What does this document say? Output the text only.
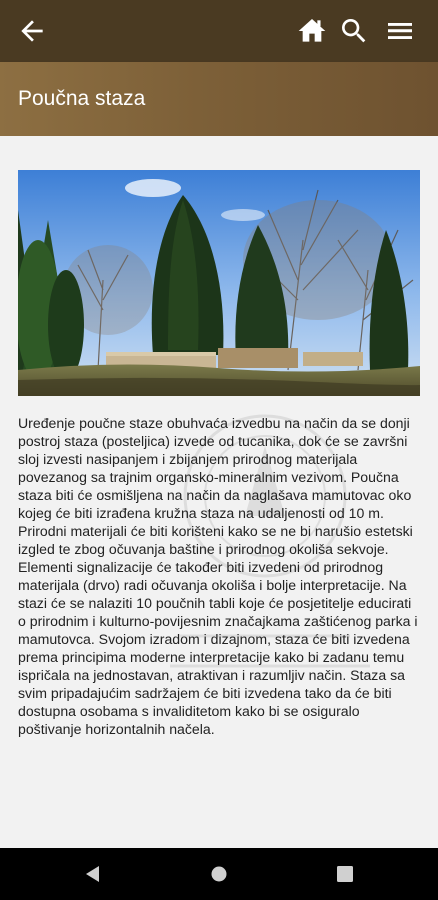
Poučna staza

Uređenje poučne staze obuhvaća izvedbu na način da se donji postroj staza (posteljica) izvede od tucanika, dok će se završni sloj izvesti nasipanjem i zbijanjem prirodnog materijala povezanog sa trajnim organsko-mineralnim vezivom. Poučna staza biti će osmišljena na način da naglašava mamutovac oko kojeg će biti izrađena kružna staza na udaljenosti od 10 m. Prirodni materijali će biti korišteni kako se ne bi narušio estetski izgled te zbog očuvanja baštine i prirodnog okoliša sekvoje. Elementi signalizacije će također biti izvedeni od prirodnog materijala (drvo) radi očuvanja okoliša i bolje interpretacije. Na stazi će se nalaziti 10 poučnih tabli koje će posjetitelje educirati o prirodnim i kulturno-povijesnim značajkama zaštićenog parka i mamutovca. Svojom izradom i dizajnom, staza će biti izvedena prema principima moderne interpretacije kako bi zadanu temu ispričala na jednostavan, atraktivan i razumljiv način. Staza sa svim pripadajućim sadržajem će biti izvedena tako da će biti dostupna osobama s invaliditetom kako bi se osiguralo poštivanje horizontalnih načela.
